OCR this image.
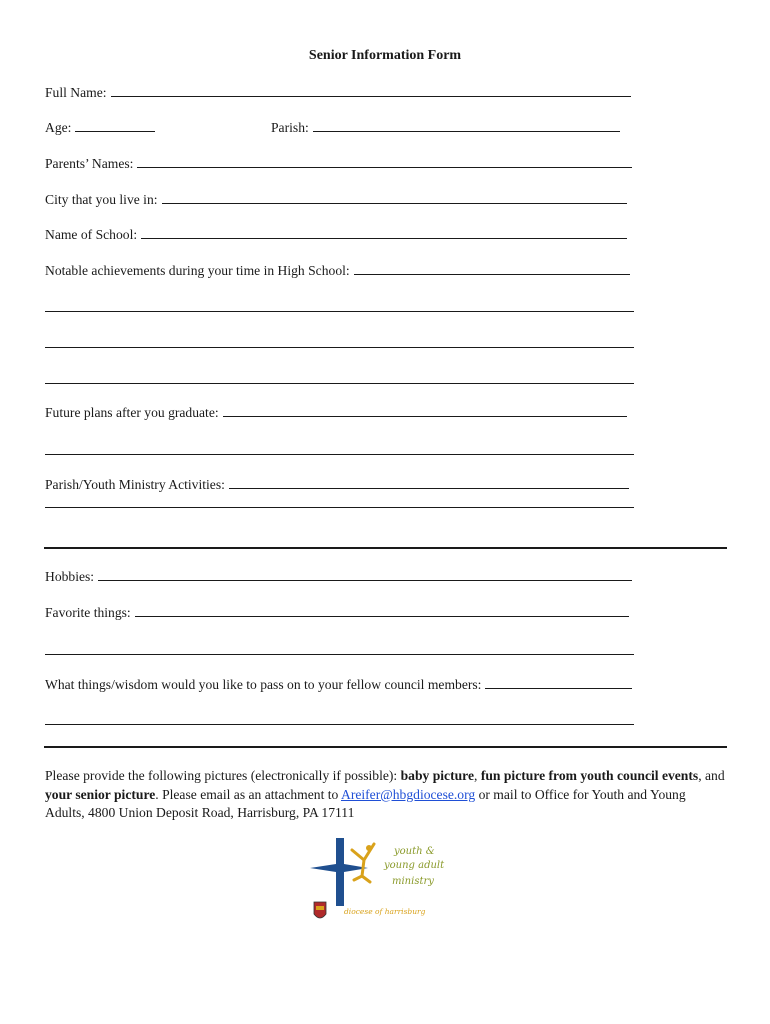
Senior Information Form
Full Name:
Age:	Parish:
Parents’ Names:
City that you live in:
Name of School:
Notable achievements during your time in High School:
Future plans after you graduate:
Parish/Youth Ministry Activities:
Hobbies:
Favorite things:
What things/wisdom would you like to pass on to your fellow council members:
Please provide the following pictures (electronically if possible): baby picture, fun picture from youth council events, and your senior picture. Please email as an attachment to Areifer@hbgdiocese.org or mail to Office for Youth and Young Adults, 4800 Union Deposit Road, Harrisburg, PA 17111
youth &
young adult
ministry
diocese of harrisburg
